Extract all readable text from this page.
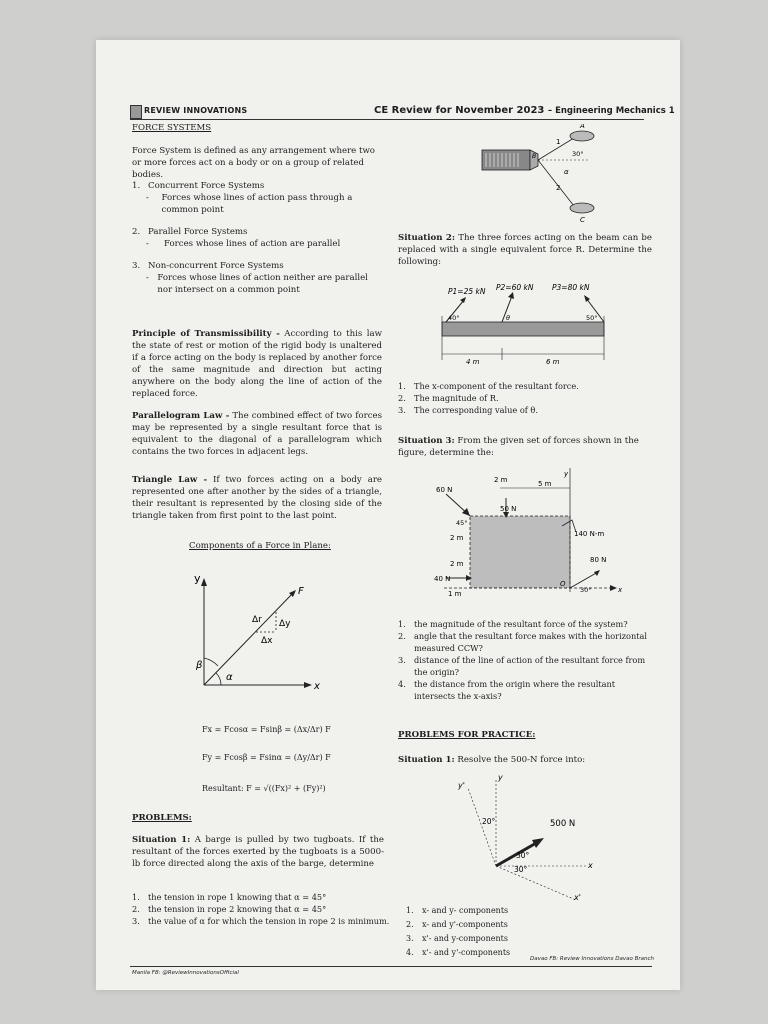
REVIEW INNOVATIONS	CE Review for November 2023 – Engineering Mechanics 1
FORCE SYSTEMS
Force System is defined as any arrangement where two or more forces act on a body or on a group of related bodies.
1. Concurrent Force Systems
-	Forces whose lines of action pass through a common point
2. Parallel Force Systems
-	Forces whose lines of action are parallel
3. Non-concurrent Force Systems
- Forces whose lines of action neither are parallel nor intersect on a common point
Principle of Transmissibility - According to this law the state of rest or motion of the rigid body is unaltered if a force acting on the body is replaced by another force of the same magnitude and direction but acting anywhere on the body along the line of action of the replaced force.
Parallelogram Law - The combined effect of two forces may be represented by a single resultant force that is equivalent to the diagonal of a parallelogram which contains the two forces in adjacent legs.
Triangle Law - If two forces acting on a body are represented one after another by the sides of a triangle, their resultant is represented by the closing side of the triangle taken from first point to the last point.
Components of a Force in Plane:
y
x
F
Δr Δy
Δx
β
α
Fx = Fcosα = Fsinβ = (Δx/Δr) F
Fy = Fcosβ = Fsinα = (Δy/Δr) F
Resultant: F = √((Fx)² + (Fy)²)
PROBLEMS:
Situation 1: A barge is pulled by two tugboats. If the resultant of the forces exerted by the tugboats is a 5000-lb force directed along the axis of the barge, determine
1. the tension in rope 1 knowing that α = 45°
2. the tension in rope 2 knowing that α = 45°
3. the value of α for which the tension in rope 2 is minimum.
A
B
C
1
2
30°
α
Situation 2: The three forces acting on the beam can be replaced with a single equivalent force R. Determine the following:
P1=25 kN P2=60 kN P3=80 kN
40°	θ	50°
4 m	6 m
1. The x-component of the resultant force.
2. The magnitude of R.
3. The corresponding value of θ.
Situation 3: From the given set of forces shown in the figure, determine the:
y
x
60 N
50 N
140 N-m
80 N
40 N
2 m	5 m
2 m
2 m
1 m
45°
30°
O
1. the magnitude of the resultant force of the system?
2. angle that the resultant force makes with the horizontal measured CCW?
3. distance of the line of action of the resultant force from the origin?
4. the distance from the origin where the resultant intersects the x-axis?
PROBLEMS FOR PRACTICE:
Situation 1: Resolve the 500-N force into:
y'
y
x
x'
500 N
20°
30°
30°
1. x- and y- components
2. x- and y'-components
3. x'- and y-components
4. x'- and y'-components
Manila FB: @ReviewInnovationsOfficial
Davao FB: Review Innovations Davao Branch
